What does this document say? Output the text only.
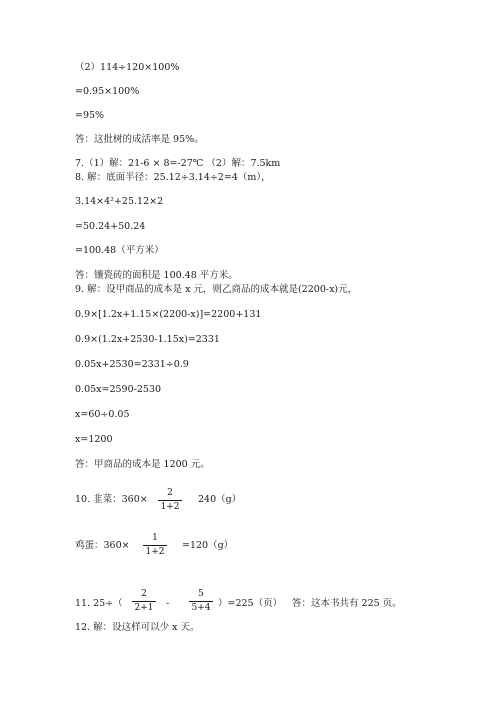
（2）114÷120×100%
=0.95×100%
=95%
答：这批树的成活率是 95%。
7.（1）解：21-6 × 8=-27℃ （2）解：7.5km
8. 解：底面半径：25.12÷3.14÷2=4（m），
3.14×4²+25.12×2
=50.24+50.24
=100.48（平方米）
答：镶瓷砖的面积是 100.48 平方米。
9. 解：设甲商品的成本是 x 元，则乙商品的成本就是(2200-x)元，
0.9×[1.2x+1.15×(2200-x)]=2200+131
0.9×(1.2x+2530-1.15x)=2331
0.05x+2530=2331÷0.9
0.05x=2590-2530
x=60÷0.05
x=1200
答：甲商品的成本是 1200 元。
10. 韭菜：360×
2
1+2
240（g）
鸡蛋：360×
1
1+2
=120（g）
11. 25÷（
2
2+1 -
5
5+4 ）=225（页） 答：这本书共有 225 页。
12. 解：设这样可以少 x 天。
